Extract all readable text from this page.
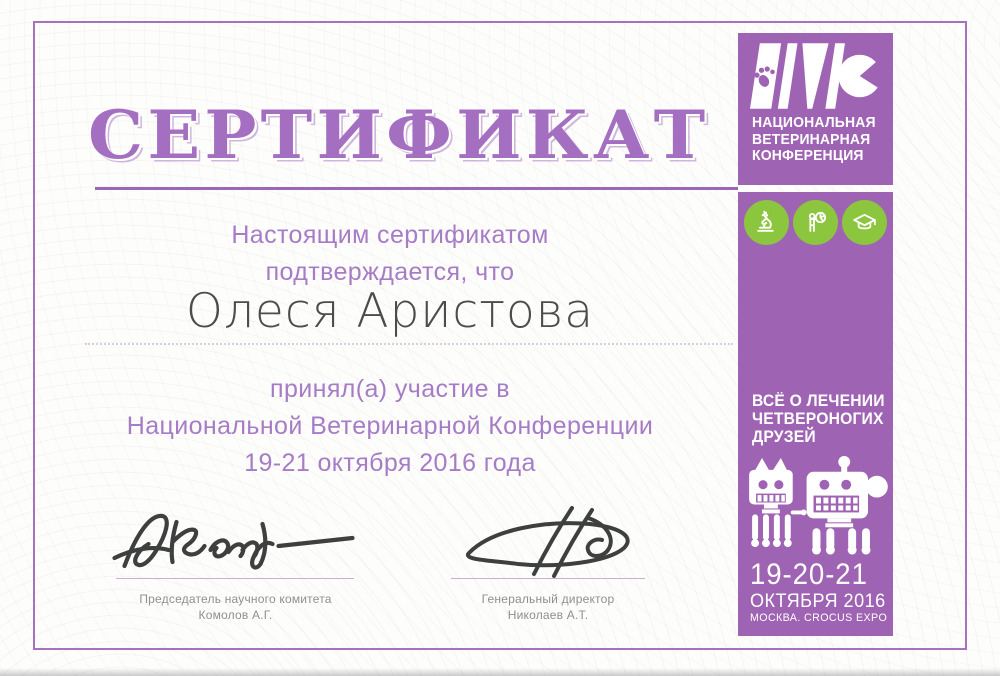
СЕРТИФИКАТ
Настоящим сертификатом
подтверждается, что
Олеся Аристова
принял(а) участие в
Национальной Ветеринарной Конференции
19-21 октября 2016 года
Председатель научного комитета
Комолов А.Г.
Генеральный директор
Николаев А.Т.
НАЦИОНАЛЬНАЯ
ВЕТЕРИНАРНАЯ
КОНФЕРЕНЦИЯ
ВСЁ О ЛЕЧЕНИИ
ЧЕТВЕРОНОГИХ
ДРУЗЕЙ
19-20-21
ОКТЯБРЯ 2016
МОСКВА. CROCUS EXPO
